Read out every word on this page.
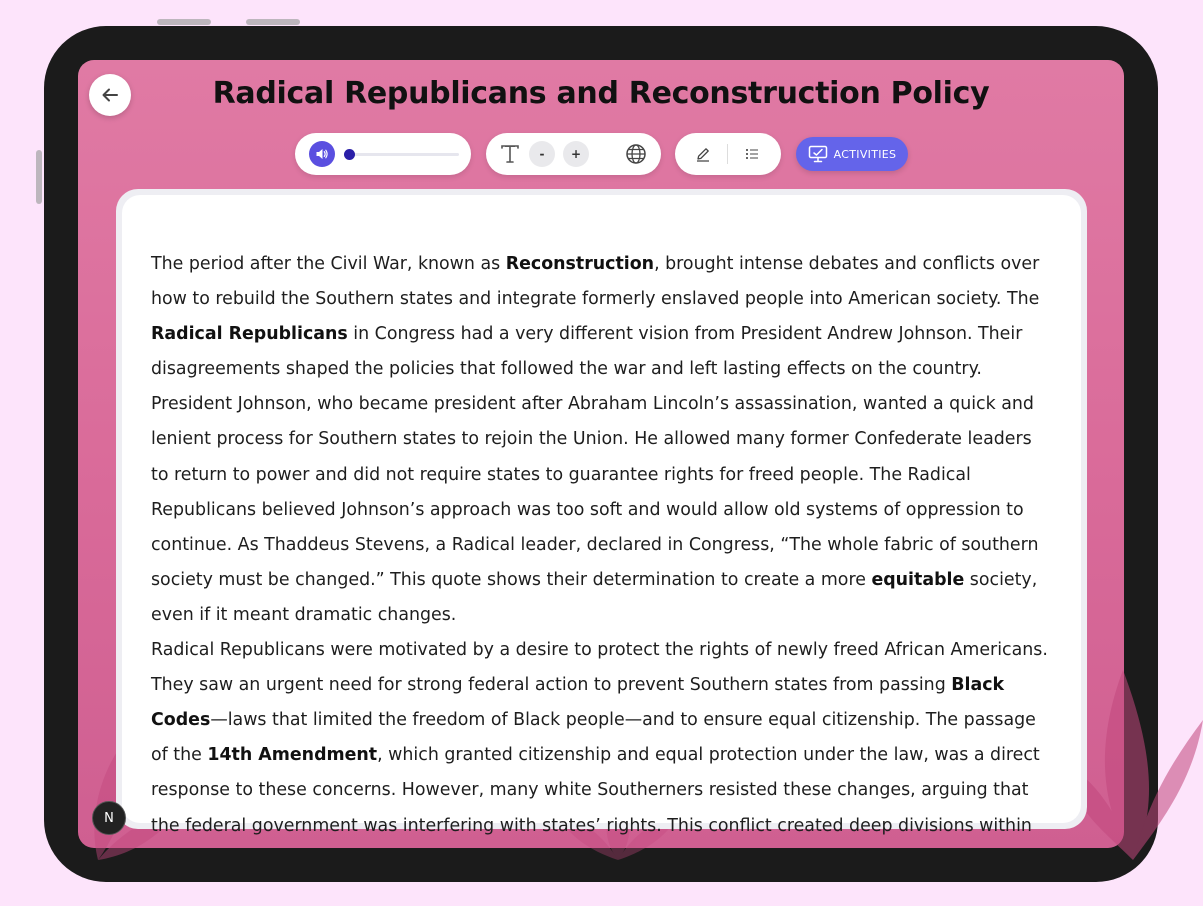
Radical Republicans and Reconstruction Policy
-	+	ACTIVITIES

The period after the Civil War, known as Reconstruction, brought intense debates and conflicts over how to rebuild the Southern states and integrate formerly enslaved people into American society. The Radical Republicans in Congress had a very different vision from President Andrew Johnson. Their disagreements shaped the policies that followed the war and left lasting effects on the country.

President Johnson, who became president after Abraham Lincoln’s assassination, wanted a quick and lenient process for Southern states to rejoin the Union. He allowed many former Confederate leaders to return to power and did not require states to guarantee rights for freed people. The Radical Republicans believed Johnson’s approach was too soft and would allow old systems of oppression to continue. As Thaddeus Stevens, a Radical leader, declared in Congress, “The whole fabric of southern society must be changed.” This quote shows their determination to create a more equitable society, even if it meant dramatic changes.

Radical Republicans were motivated by a desire to protect the rights of newly freed African Americans. They saw an urgent need for strong federal action to prevent Southern states from passing Black Codes—laws that limited the freedom of Black people—and to ensure equal citizenship. The passage of the 14th Amendment, which granted citizenship and equal protection under the law, was a direct response to these concerns. However, many white Southerners resisted these changes, arguing that the federal government was interfering with states’ rights. This conflict created deep divisions within

N
